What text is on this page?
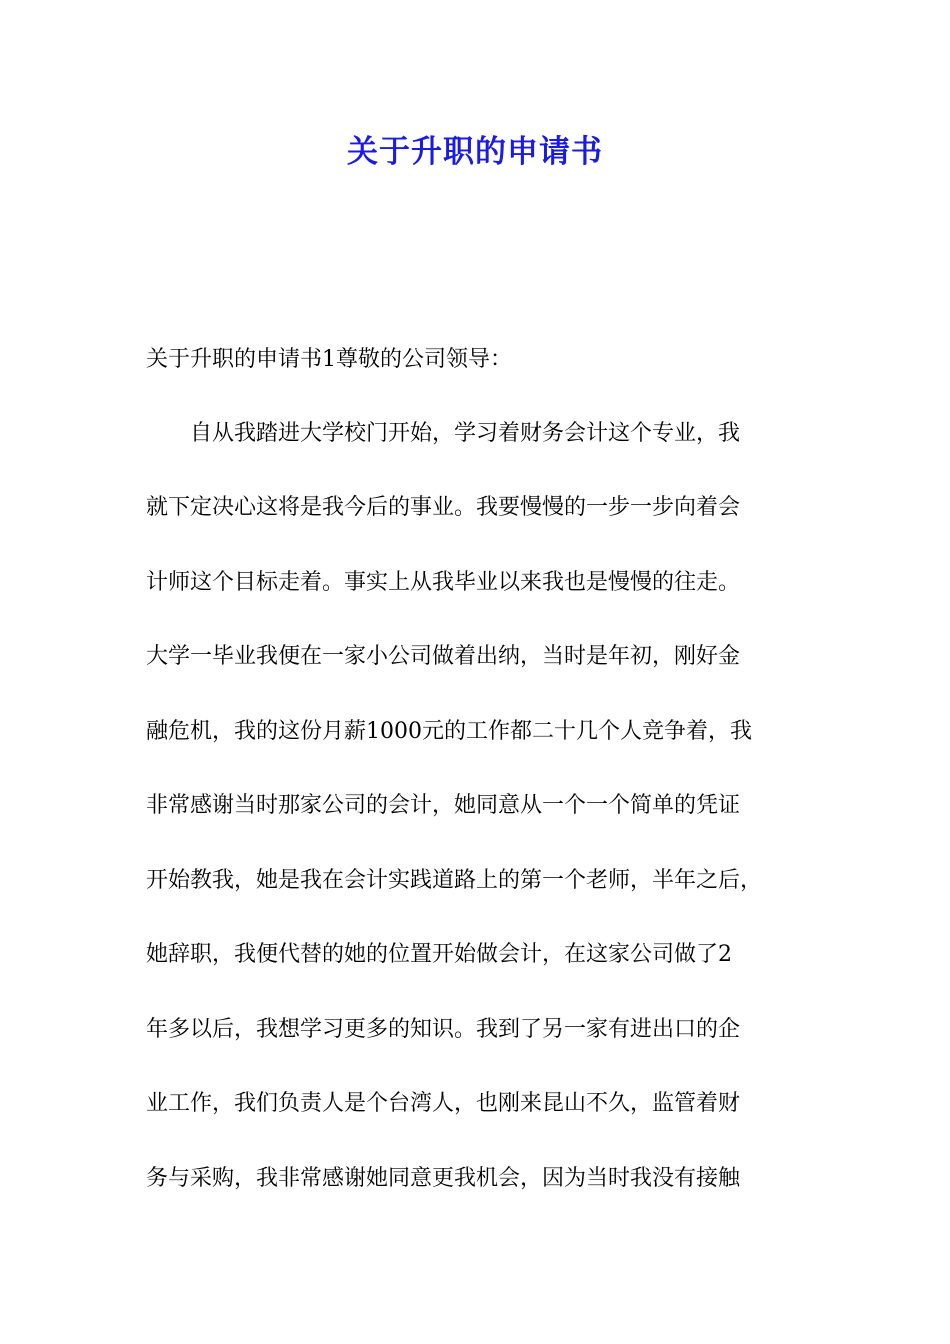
关于升职的申请书
关于升职的申请书1尊敬的公司领导：
　　自从我踏进大学校门开始，学习着财务会计这个专业，我
就下定决心这将是我今后的事业。我要慢慢的一步一步向着会
计师这个目标走着。事实上从我毕业以来我也是慢慢的往走。
大学一毕业我便在一家小公司做着出纳，当时是年初，刚好金
融危机，我的这份月薪1000元的工作都二十几个人竞争着，我
非常感谢当时那家公司的会计，她同意从一个一个简单的凭证
开始教我，她是我在会计实践道路上的第一个老师，半年之后，
她辞职，我便代替的她的位置开始做会计，在这家公司做了2
年多以后，我想学习更多的知识。我到了另一家有进出口的企
业工作，我们负责人是个台湾人，也刚来昆山不久，监管着财
务与采购，我非常感谢她同意更我机会，因为当时我没有接触
